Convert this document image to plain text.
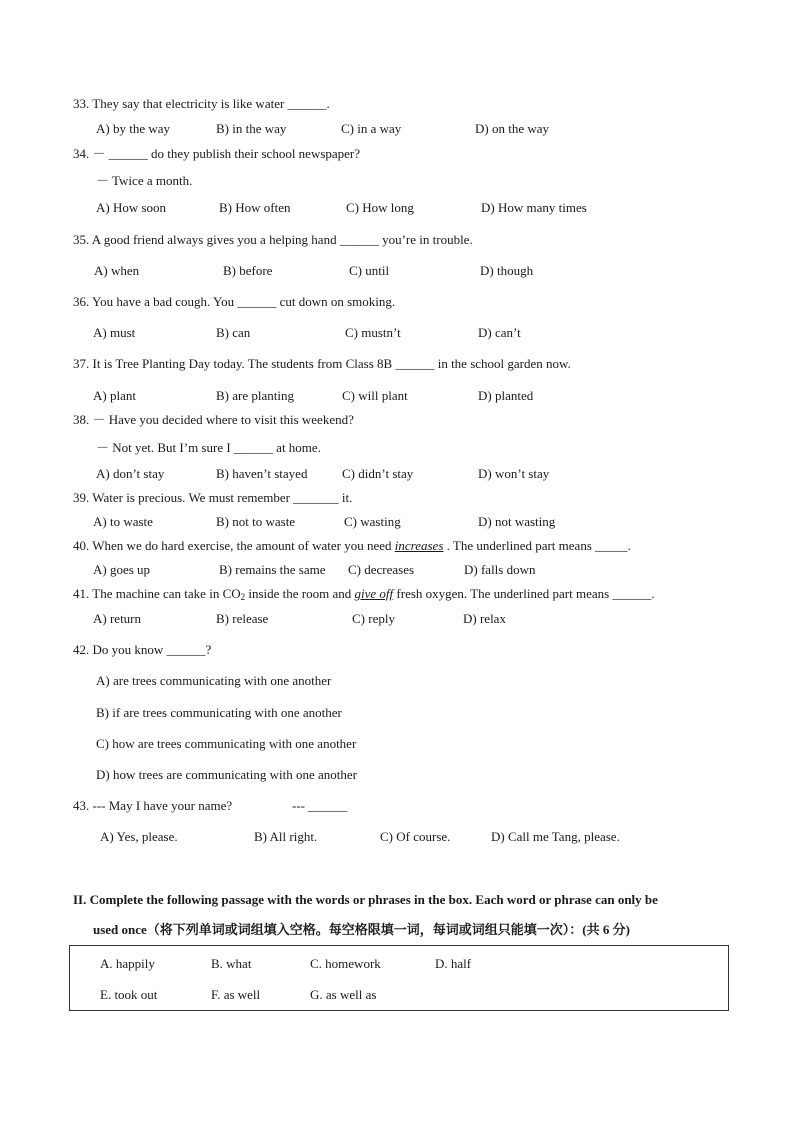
33. They say that electricity is like water ______.
A) by the way	B) in the way	C) in a way	D) on the way
34. － ______ do they publish their school newspaper?
－ Twice a month.
A) How soon	B) How often	C) How long	D) How many times
35. A good friend always gives you a helping hand ______ you’re in trouble.
A) when	B) before	C) until	D) though
36. You have a bad cough. You ______ cut down on smoking.
A) must	B) can	C) mustn’t	D) can’t
37. It is Tree Planting Day today. The students from Class 8B ______ in the school garden now.
A) plant	B) are planting	C) will plant	D) planted
38. － Have you decided where to visit this weekend?
－ Not yet. But I’m sure I ______ at home.
A) don’t stay	B) haven’t stayed	C) didn’t stay	D) won’t stay
39. Water is precious. We must remember _______ it.
A) to waste	B) not to waste	C) wasting	D) not wasting
40. When we do hard exercise, the amount of water you need increases . The underlined part means _____.
A) goes up	B) remains the same C) decreases	D) falls down
41. The machine can take in $CO_2$ inside the room and give off fresh oxygen. The underlined part means ______.
A) return	B) release	C) reply	D) relax
42. Do you know ______?
A) are trees communicating with one another
B) if are trees communicating with one another
C) how are trees communicating with one another
D) how trees are communicating with one another
43. --- May I have your name?	--- ______
A) Yes, please.	B) All right.	C) Of course.	D) Call me Tang, please.
II. Complete the following passage with the words or phrases in the box. Each word or phrase can only be
used once（将下列单词或词组填入空格。每空格限填一词，每词或词组只能填一次）：(共 6 分)
A. happily	B. what	C. homework	D. half
E. took out	F. as well	G. as well as
